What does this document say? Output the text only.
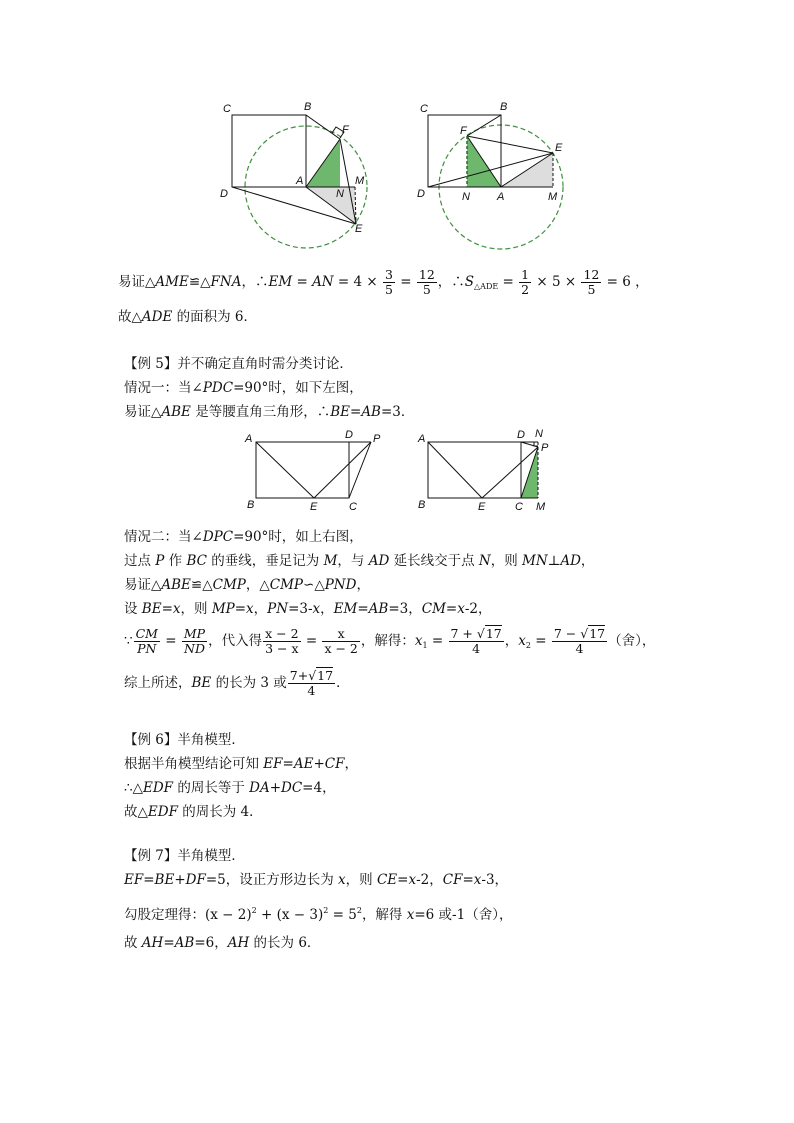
C	B
F
D
A	M
N
E
C	B
F
E
D	N A	M
易证△AME≌△FNA，∴EM = AN = $4 \times \frac{3}{5} = \frac{12}{5}$ ，$\therefore S_{\triangle ADE} = \frac{1}{2} \times 5 \times \frac{12}{5} = 6$ ，
故△ADE 的面积为 6．
【例 5】并不确定直角时需分类讨论．
情况一：当∠PDC=90°时，如下左图，
易证△ABE 是等腰直角三角形，∴BE=AB=3．
A	D P
B	E	C
A	D N
P
B	E	C M
情况二：当∠DPC=90°时，如上右图，
过点 P 作 BC 的垂线，垂足记为 M，与 AD 延长线交于点 N，则 MN⊥AD，
易证△ABE≌△CMP，△CMP∽△PND，
设 BE=x，则 MP=x，PN=3-x，EM=AB=3，CM=x-2，
∵ $\frac{CM}{PN} = \frac{MP}{ND}$ ，代入得 $\frac{x - 2}{3 - x} = \frac{x}{x - 2}$ ，解得：$x_1 = \frac{7 + √17}{4}$ ，$x_2 = \frac{7 - √17}{4}$ （舍），
综上所述，BE 的长为 3 或 $\frac{7+√17}{4}$ ．
【例 6】半角模型．
根据半角模型结论可知 EF=AE+CF，
∴△EDF 的周长等于 DA+DC=4，
故△EDF 的周长为 4．
【例 7】半角模型．
EF=BE+DF=5，设正方形边长为 x，则 CE=x-2，CF=x-3，
勾股定理得：$(x - 2)^2 + (x - 3)^2 = 5^2$，解得 x=6 或-1（舍），
故 AH=AB=6，AH 的长为 6．
